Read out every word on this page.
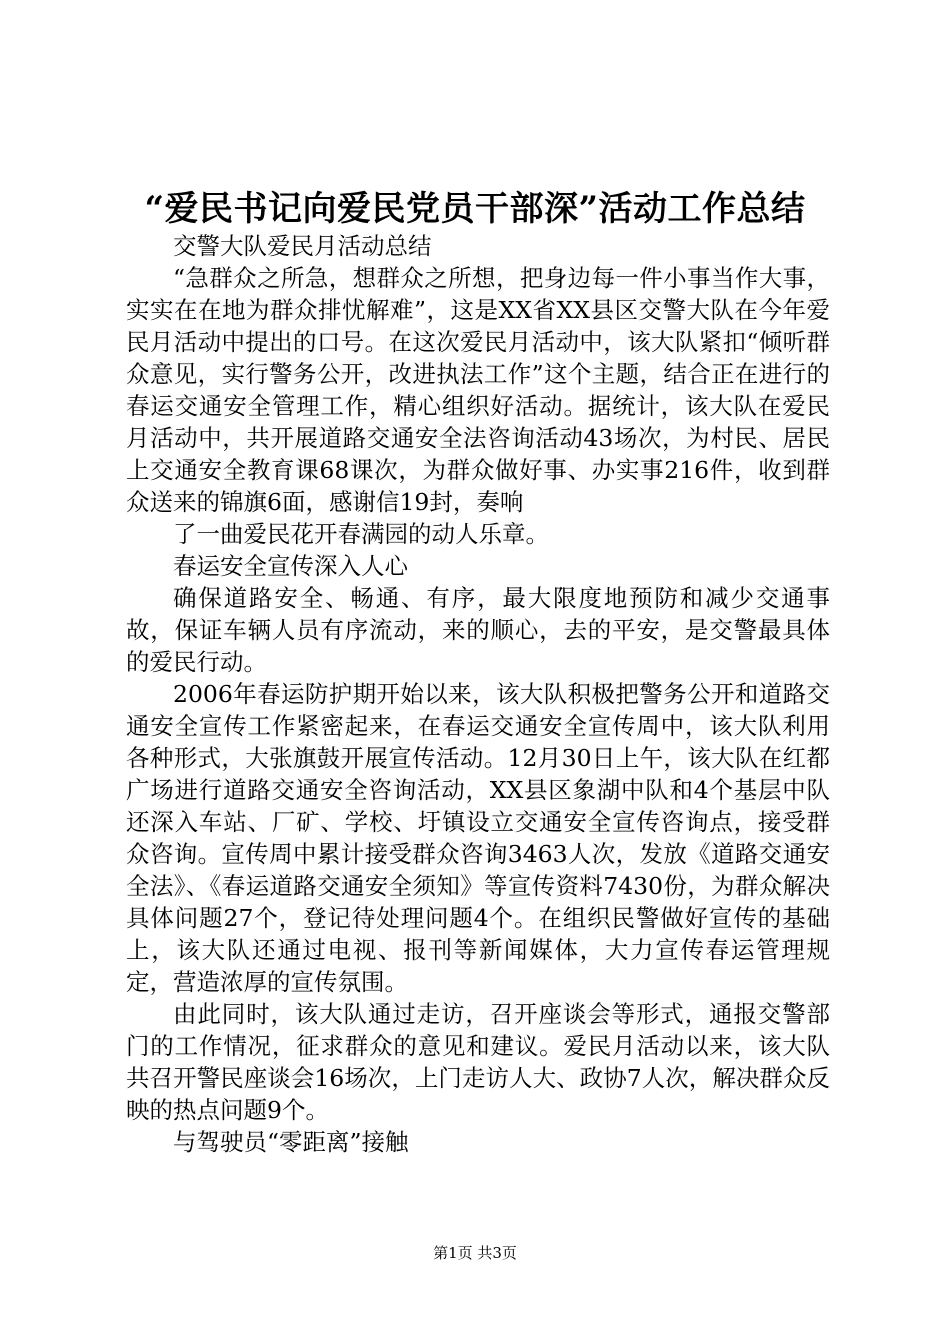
“爱民书记向爱民党员干部深”活动工作总结

交警大队爱民月活动总结

“急群众之所急，想群众之所想，把身边每一件小事当作大事，实实在在地为群众排忧解难”，这是XX省XX县区交警大队在今年爱民月活动中提出的口号。在这次爱民月活动中，该大队紧扣“倾听群众意见，实行警务公开，改进执法工作”这个主题，结合正在进行的春运交通安全管理工作，精心组织好活动。据统计，该大队在爱民月活动中，共开展道路交通安全法咨询活动43场次，为村民、居民上交通安全教育课68课次，为群众做好事、办实事216件，收到群众送来的锦旗6面，感谢信19封，奏响

了一曲爱民花开春满园的动人乐章。

春运安全宣传深入人心

确保道路安全、畅通、有序，最大限度地预防和减少交通事故，保证车辆人员有序流动，来的顺心，去的平安，是交警最具体的爱民行动。

2006年春运防护期开始以来，该大队积极把警务公开和道路交通安全宣传工作紧密起来，在春运交通安全宣传周中，该大队利用各种形式，大张旗鼓开展宣传活动。12月30日上午，该大队在红都广场进行道路交通安全咨询活动，XX县区象湖中队和4个基层中队还深入车站、厂矿、学校、圩镇设立交通安全宣传咨询点，接受群众咨询。宣传周中累计接受群众咨询3463人次，发放《道路交通安全法》、《春运道路交通安全须知》等宣传资料7430份，为群众解决具体问题27个，登记待处理问题4个。在组织民警做好宣传的基础上，该大队还通过电视、报刊等新闻媒体，大力宣传春运管理规定，营造浓厚的宣传氛围。

由此同时，该大队通过走访，召开座谈会等形式，通报交警部门的工作情况，征求群众的意见和建议。爱民月活动以来，该大队共召开警民座谈会16场次，上门走访人大、政协7人次，解决群众反映的热点问题9个。

与驾驶员“零距离”接触

第1页 共3页
